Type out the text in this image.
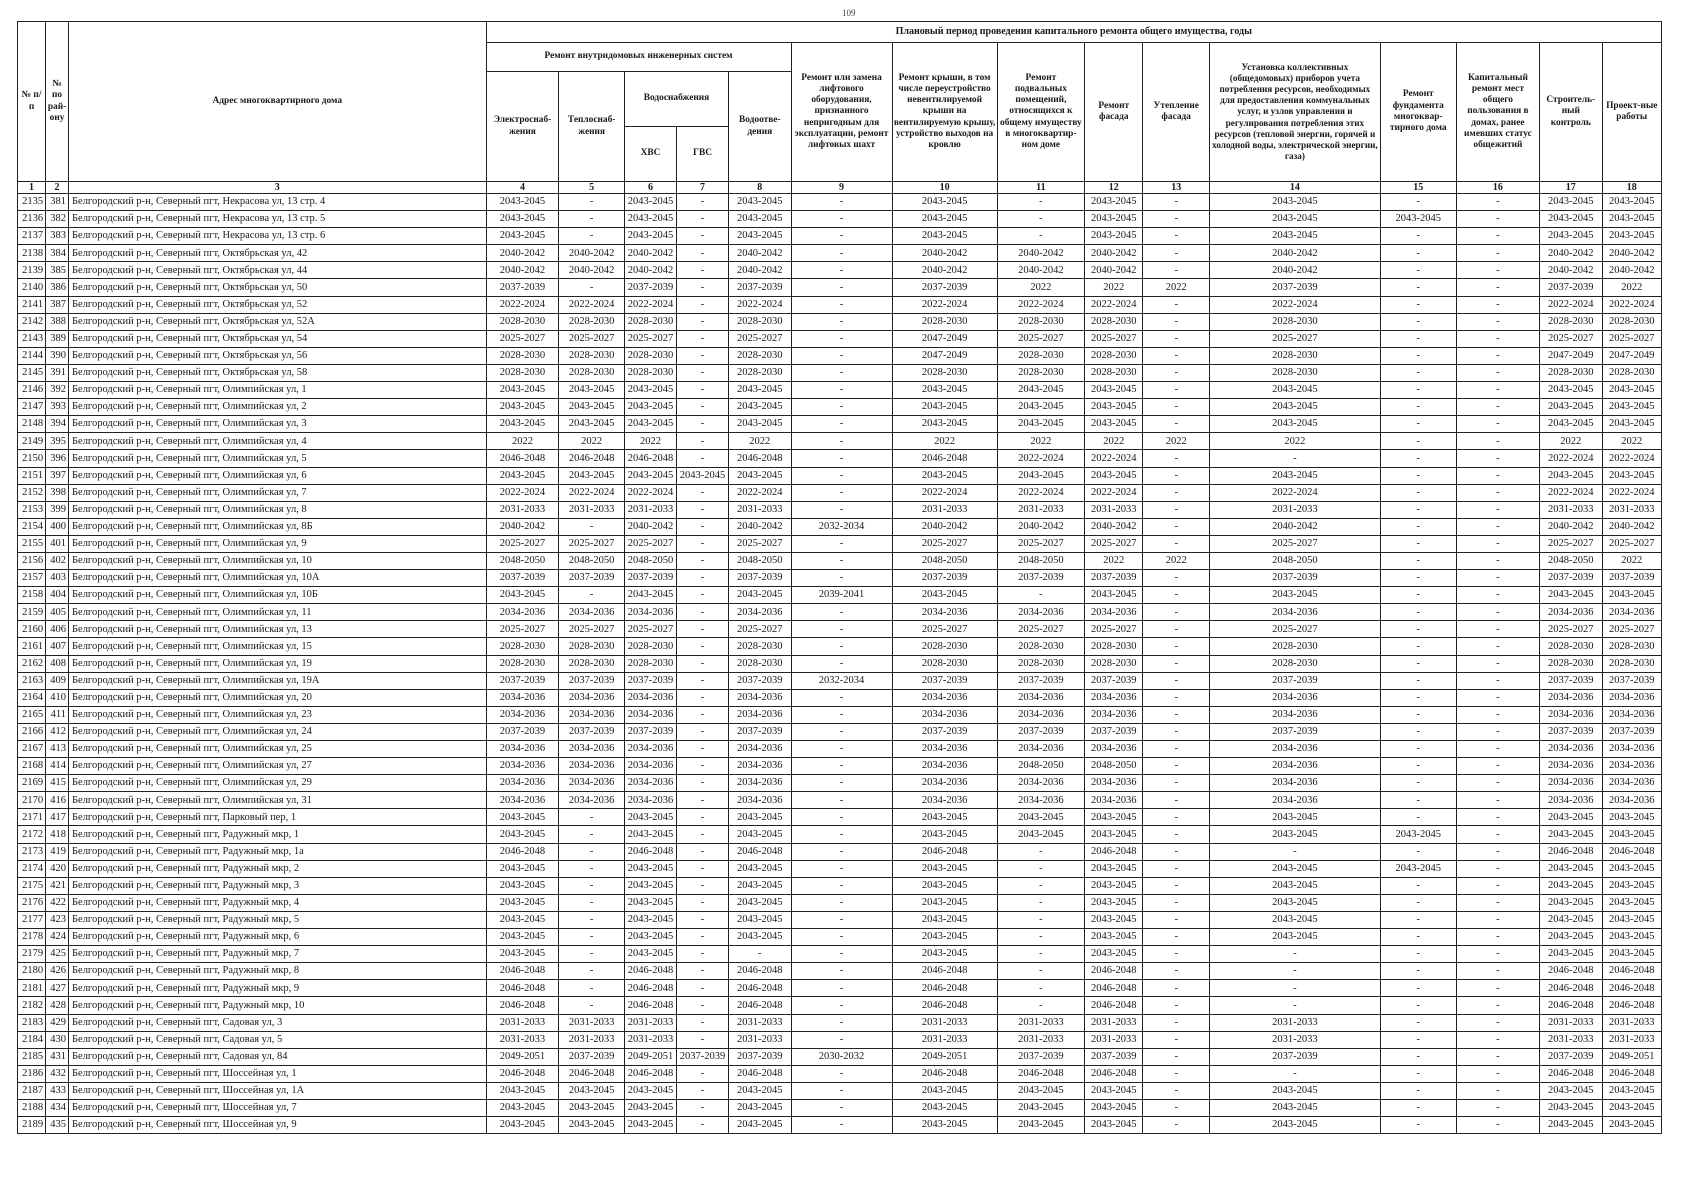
109
№ п/п	№ по рай-ону	Адрес многоквартирного дома	Плановый период проведения капитального ремонта общего имущества, годы														
			Ремонт внутридомовых инженерных систем					Ремонт или замена лифтового оборудования, признанного непригодным для эксплуатации, ремонт лифтовых шахт	Ремонт крыши, в том числе переустройство невентилируемой крыши на вентилируемую крышу, устройство выходов на кровлю	Ремонт подвальных помещений, относящихся к общему имуществу в многоквартир-ном доме	Ремонт фасада	Утепление фасада	Установка коллективных (общедомовых) приборов учета потребления ресурсов, необходимых для предоставления коммунальных услуг, и узлов управления и регулирования потребления этих ресурсов (тепловой энергии, горячей и холодной воды, электрической энергии, газа)	Ремонт фундамента многоквар-тирного дома	Капитальный ремонт мест общего пользования в домах, ранее имевших статус общежитий	Строитель-ный контроль	Проект-ные работы
			Электроснаб-жения	Теплоснаб-жения	Водоснабжения		Водоотве-дения										
					ХВС	ГВС											
1	2	3	4	5	6	7	8	9	10	11	12	13	14	15	16	17	18
2135	381	Белгородский р-н, Северный пгт, Некрасова ул, 13 стр. 4	2043-2045	-	2043-2045	-	2043-2045	-	2043-2045	-	2043-2045	-	2043-2045	-	-	2043-2045	2043-2045
2136	382	Белгородский р-н, Северный пгт, Некрасова ул, 13 стр. 5	2043-2045	-	2043-2045	-	2043-2045	-	2043-2045	-	2043-2045	-	2043-2045	2043-2045	-	2043-2045	2043-2045
2137	383	Белгородский р-н, Северный пгт, Некрасова ул, 13 стр. 6	2043-2045	-	2043-2045	-	2043-2045	-	2043-2045	-	2043-2045	-	2043-2045	-	-	2043-2045	2043-2045
2138	384	Белгородский р-н, Северный пгт, Октябрьская ул, 42	2040-2042	2040-2042	2040-2042	-	2040-2042	-	2040-2042	2040-2042	2040-2042	-	2040-2042	-	-	2040-2042	2040-2042
2139	385	Белгородский р-н, Северный пгт, Октябрьская ул, 44	2040-2042	2040-2042	2040-2042	-	2040-2042	-	2040-2042	2040-2042	2040-2042	-	2040-2042	-	-	2040-2042	2040-2042
2140	386	Белгородский р-н, Северный пгт, Октябрьская ул, 50	2037-2039	-	2037-2039	-	2037-2039	-	2037-2039	2022	2022	2022	2037-2039	-	-	2037-2039	2022
2141	387	Белгородский р-н, Северный пгт, Октябрьская ул, 52	2022-2024	2022-2024	2022-2024	-	2022-2024	-	2022-2024	2022-2024	2022-2024	-	2022-2024	-	-	2022-2024	2022-2024
2142	388	Белгородский р-н, Северный пгт, Октябрьская ул, 52А	2028-2030	2028-2030	2028-2030	-	2028-2030	-	2028-2030	2028-2030	2028-2030	-	2028-2030	-	-	2028-2030	2028-2030
2143	389	Белгородский р-н, Северный пгт, Октябрьская ул, 54	2025-2027	2025-2027	2025-2027	-	2025-2027	-	2047-2049	2025-2027	2025-2027	-	2025-2027	-	-	2025-2027	2025-2027
2144	390	Белгородский р-н, Северный пгт, Октябрьская ул, 56	2028-2030	2028-2030	2028-2030	-	2028-2030	-	2047-2049	2028-2030	2028-2030	-	2028-2030	-	-	2047-2049	2047-2049
2145	391	Белгородский р-н, Северный пгт, Октябрьская ул, 58	2028-2030	2028-2030	2028-2030	-	2028-2030	-	2028-2030	2028-2030	2028-2030	-	2028-2030	-	-	2028-2030	2028-2030
2146	392	Белгородский р-н, Северный пгт, Олимпийская ул, 1	2043-2045	2043-2045	2043-2045	-	2043-2045	-	2043-2045	2043-2045	2043-2045	-	2043-2045	-	-	2043-2045	2043-2045
2147	393	Белгородский р-н, Северный пгт, Олимпийская ул, 2	2043-2045	2043-2045	2043-2045	-	2043-2045	-	2043-2045	2043-2045	2043-2045	-	2043-2045	-	-	2043-2045	2043-2045
2148	394	Белгородский р-н, Северный пгт, Олимпийская ул, 3	2043-2045	2043-2045	2043-2045	-	2043-2045	-	2043-2045	2043-2045	2043-2045	-	2043-2045	-	-	2043-2045	2043-2045
2149	395	Белгородский р-н, Северный пгт, Олимпийская ул, 4	2022	2022	2022	-	2022	-	2022	2022	2022	2022	2022	-	-	2022	2022
2150	396	Белгородский р-н, Северный пгт, Олимпийская ул, 5	2046-2048	2046-2048	2046-2048	-	2046-2048	-	2046-2048	2022-2024	2022-2024	-	-	-	-	2022-2024	2022-2024
2151	397	Белгородский р-н, Северный пгт, Олимпийская ул, 6	2043-2045	2043-2045	2043-2045	2043-2045	2043-2045	-	2043-2045	2043-2045	2043-2045	-	2043-2045	-	-	2043-2045	2043-2045
2152	398	Белгородский р-н, Северный пгт, Олимпийская ул, 7	2022-2024	2022-2024	2022-2024	-	2022-2024	-	2022-2024	2022-2024	2022-2024	-	2022-2024	-	-	2022-2024	2022-2024
2153	399	Белгородский р-н, Северный пгт, Олимпийская ул, 8	2031-2033	2031-2033	2031-2033	-	2031-2033	-	2031-2033	2031-2033	2031-2033	-	2031-2033	-	-	2031-2033	2031-2033
2154	400	Белгородский р-н, Северный пгт, Олимпийская ул, 8Б	2040-2042	-	2040-2042	-	2040-2042	2032-2034	2040-2042	2040-2042	2040-2042	-	2040-2042	-	-	2040-2042	2040-2042
2155	401	Белгородский р-н, Северный пгт, Олимпийская ул, 9	2025-2027	2025-2027	2025-2027	-	2025-2027	-	2025-2027	2025-2027	2025-2027	-	2025-2027	-	-	2025-2027	2025-2027
2156	402	Белгородский р-н, Северный пгт, Олимпийская ул, 10	2048-2050	2048-2050	2048-2050	-	2048-2050	-	2048-2050	2048-2050	2022	2022	2048-2050	-	-	2048-2050	2022
2157	403	Белгородский р-н, Северный пгт, Олимпийская ул, 10А	2037-2039	2037-2039	2037-2039	-	2037-2039	-	2037-2039	2037-2039	2037-2039	-	2037-2039	-	-	2037-2039	2037-2039
2158	404	Белгородский р-н, Северный пгт, Олимпийская ул, 10Б	2043-2045	-	2043-2045	-	2043-2045	2039-2041	2043-2045	-	2043-2045	-	2043-2045	-	-	2043-2045	2043-2045
2159	405	Белгородский р-н, Северный пгт, Олимпийская ул, 11	2034-2036	2034-2036	2034-2036	-	2034-2036	-	2034-2036	2034-2036	2034-2036	-	2034-2036	-	-	2034-2036	2034-2036
2160	406	Белгородский р-н, Северный пгт, Олимпийская ул, 13	2025-2027	2025-2027	2025-2027	-	2025-2027	-	2025-2027	2025-2027	2025-2027	-	2025-2027	-	-	2025-2027	2025-2027
2161	407	Белгородский р-н, Северный пгт, Олимпийская ул, 15	2028-2030	2028-2030	2028-2030	-	2028-2030	-	2028-2030	2028-2030	2028-2030	-	2028-2030	-	-	2028-2030	2028-2030
2162	408	Белгородский р-н, Северный пгт, Олимпийская ул, 19	2028-2030	2028-2030	2028-2030	-	2028-2030	-	2028-2030	2028-2030	2028-2030	-	2028-2030	-	-	2028-2030	2028-2030
2163	409	Белгородский р-н, Северный пгт, Олимпийская ул, 19А	2037-2039	2037-2039	2037-2039	-	2037-2039	2032-2034	2037-2039	2037-2039	2037-2039	-	2037-2039	-	-	2037-2039	2037-2039
2164	410	Белгородский р-н, Северный пгт, Олимпийская ул, 20	2034-2036	2034-2036	2034-2036	-	2034-2036	-	2034-2036	2034-2036	2034-2036	-	2034-2036	-	-	2034-2036	2034-2036
2165	411	Белгородский р-н, Северный пгт, Олимпийская ул, 23	2034-2036	2034-2036	2034-2036	-	2034-2036	-	2034-2036	2034-2036	2034-2036	-	2034-2036	-	-	2034-2036	2034-2036
2166	412	Белгородский р-н, Северный пгт, Олимпийская ул, 24	2037-2039	2037-2039	2037-2039	-	2037-2039	-	2037-2039	2037-2039	2037-2039	-	2037-2039	-	-	2037-2039	2037-2039
2167	413	Белгородский р-н, Северный пгт, Олимпийская ул, 25	2034-2036	2034-2036	2034-2036	-	2034-2036	-	2034-2036	2034-2036	2034-2036	-	2034-2036	-	-	2034-2036	2034-2036
2168	414	Белгородский р-н, Северный пгт, Олимпийская ул, 27	2034-2036	2034-2036	2034-2036	-	2034-2036	-	2034-2036	2048-2050	2048-2050	-	2034-2036	-	-	2034-2036	2034-2036
2169	415	Белгородский р-н, Северный пгт, Олимпийская ул, 29	2034-2036	2034-2036	2034-2036	-	2034-2036	-	2034-2036	2034-2036	2034-2036	-	2034-2036	-	-	2034-2036	2034-2036
2170	416	Белгородский р-н, Северный пгт, Олимпийская ул, 31	2034-2036	2034-2036	2034-2036	-	2034-2036	-	2034-2036	2034-2036	2034-2036	-	2034-2036	-	-	2034-2036	2034-2036
2171	417	Белгородский р-н, Северный пгт, Парковый пер, 1	2043-2045	-	2043-2045	-	2043-2045	-	2043-2045	2043-2045	2043-2045	-	2043-2045	-	-	2043-2045	2043-2045
2172	418	Белгородский р-н, Северный пгт, Радужный мкр, 1	2043-2045	-	2043-2045	-	2043-2045	-	2043-2045	2043-2045	2043-2045	-	2043-2045	2043-2045	-	2043-2045	2043-2045
2173	419	Белгородский р-н, Северный пгт, Радужный мкр, 1а	2046-2048	-	2046-2048	-	2046-2048	-	2046-2048	-	2046-2048	-	-	-	-	2046-2048	2046-2048
2174	420	Белгородский р-н, Северный пгт, Радужный мкр, 2	2043-2045	-	2043-2045	-	2043-2045	-	2043-2045	-	2043-2045	-	2043-2045	2043-2045	-	2043-2045	2043-2045
2175	421	Белгородский р-н, Северный пгт, Радужный мкр, 3	2043-2045	-	2043-2045	-	2043-2045	-	2043-2045	-	2043-2045	-	2043-2045	-	-	2043-2045	2043-2045
2176	422	Белгородский р-н, Северный пгт, Радужный мкр, 4	2043-2045	-	2043-2045	-	2043-2045	-	2043-2045	-	2043-2045	-	2043-2045	-	-	2043-2045	2043-2045
2177	423	Белгородский р-н, Северный пгт, Радужный мкр, 5	2043-2045	-	2043-2045	-	2043-2045	-	2043-2045	-	2043-2045	-	2043-2045	-	-	2043-2045	2043-2045
2178	424	Белгородский р-н, Северный пгт, Радужный мкр, 6	2043-2045	-	2043-2045	-	2043-2045	-	2043-2045	-	2043-2045	-	2043-2045	-	-	2043-2045	2043-2045
2179	425	Белгородский р-н, Северный пгт, Радужный мкр, 7	2043-2045	-	2043-2045	-	-	-	2043-2045	-	2043-2045	-	-	-	-	2043-2045	2043-2045
2180	426	Белгородский р-н, Северный пгт, Радужный мкр, 8	2046-2048	-	2046-2048	-	2046-2048	-	2046-2048	-	2046-2048	-	-	-	-	2046-2048	2046-2048
2181	427	Белгородский р-н, Северный пгт, Радужный мкр, 9	2046-2048	-	2046-2048	-	2046-2048	-	2046-2048	-	2046-2048	-	-	-	-	2046-2048	2046-2048
2182	428	Белгородский р-н, Северный пгт, Радужный мкр, 10	2046-2048	-	2046-2048	-	2046-2048	-	2046-2048	-	2046-2048	-	-	-	-	2046-2048	2046-2048
2183	429	Белгородский р-н, Северный пгт, Садовая ул, 3	2031-2033	2031-2033	2031-2033	-	2031-2033	-	2031-2033	2031-2033	2031-2033	-	2031-2033	-	-	2031-2033	2031-2033
2184	430	Белгородский р-н, Северный пгт, Садовая ул, 5	2031-2033	2031-2033	2031-2033	-	2031-2033	-	2031-2033	2031-2033	2031-2033	-	2031-2033	-	-	2031-2033	2031-2033
2185	431	Белгородский р-н, Северный пгт, Садовая ул, 84	2049-2051	2037-2039	2049-2051	2037-2039	2037-2039	2030-2032	2049-2051	2037-2039	2037-2039	-	2037-2039	-	-	2037-2039	2049-2051
2186	432	Белгородский р-н, Северный пгт, Шоссейная ул, 1	2046-2048	2046-2048	2046-2048	-	2046-2048	-	2046-2048	2046-2048	2046-2048	-	-	-	-	2046-2048	2046-2048
2187	433	Белгородский р-н, Северный пгт, Шоссейная ул, 1А	2043-2045	2043-2045	2043-2045	-	2043-2045	-	2043-2045	2043-2045	2043-2045	-	2043-2045	-	-	2043-2045	2043-2045
2188	434	Белгородский р-н, Северный пгт, Шоссейная ул, 7	2043-2045	2043-2045	2043-2045	-	2043-2045	-	2043-2045	2043-2045	2043-2045	-	2043-2045	-	-	2043-2045	2043-2045
2189	435	Белгородский р-н, Северный пгт, Шоссейная ул, 9	2043-2045	2043-2045	2043-2045	-	2043-2045	-	2043-2045	2043-2045	2043-2045	-	2043-2045	-	-	2043-2045	2043-2045
